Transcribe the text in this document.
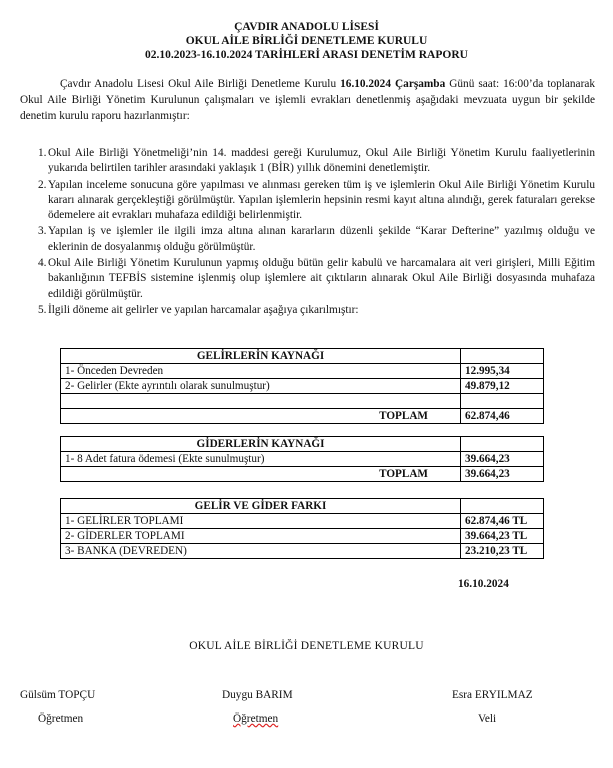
ÇAVDIR ANADOLU LİSESİ
OKUL AİLE BİRLİĞİ DENETLEME KURULU
02.10.2023-16.10.2024 TARİHLERİ ARASI DENETİM RAPORU

Çavdır Anadolu Lisesi Okul Aile Birliği Denetleme Kurulu 16.10.2024 Çarşamba Günü saat: 16:00’da toplanarak Okul Aile Birliği Yönetim Kurulunun çalışmaları ve işlemli evrakları denetlenmiş aşağıdaki mevzuata uygun bir şekilde denetim kurulu raporu hazırlanmıştır:

1. Okul Aile Birliği Yönetmeliği’nin 14. maddesi gereği Kurulumuz, Okul Aile Birliği Yönetim Kurulu faaliyetlerinin yukarıda belirtilen tarihler arasındaki yaklaşık 1 (BİR) yıllık dönemini denetlemiştir.
2. Yapılan inceleme sonucuna göre yapılması ve alınması gereken tüm iş ve işlemlerin Okul Aile Birliği Yönetim Kurulu kararı alınarak gerçekleştiği görülmüştür. Yapılan işlemlerin hepsinin resmi kayıt altına alındığı, gerek faturaları gerekse ödemelere ait evrakları muhafaza edildiği belirlenmiştir.
3. Yapılan iş ve işlemler ile ilgili imza altına alınan kararların düzenli şekilde “Karar Defterine” yazılmış olduğu ve eklerinin de dosyalanmış olduğu görülmüştür.
4. Okul Aile Birliği Yönetim Kurulunun yapmış olduğu bütün gelir kabulü ve harcamalara ait veri girişleri, Milli Eğitim bakanlığının TEFBİS sistemine işlenmiş olup işlemlere ait çıktıların alınarak Okul Aile Birliği dosyasında muhafaza edildiği görülmüştür.
5. İlgili döneme ait gelirler ve yapılan harcamalar aşağıya çıkarılmıştır:
GELİRLERİN KAYNAĞI	
1- Önceden Devreden	12.995,34
2- Gelirler (Ekte ayrıntılı olarak sunulmuştur)	49.879,12

TOPLAM	62.874,46
GİDERLERİN KAYNAĞI	
1- 8 Adet fatura ödemesi (Ekte sunulmuştur)	39.664,23
TOPLAM	39.664,23
GELİR VE GİDER FARKI	
1- GELİRLER TOPLAMI	62.874,46 TL
2- GİDERLER TOPLAMI	39.664,23 TL
3- BANKA (DEVREDEN)	23.210,23 TL
16.10.2024
OKUL AİLE BİRLİĞİ DENETLEME KURULU
Gülsüm TOPÇU
Öğretmen
Duygu BARIM
Öğretmen
Esra ERYILMAZ
Veli
